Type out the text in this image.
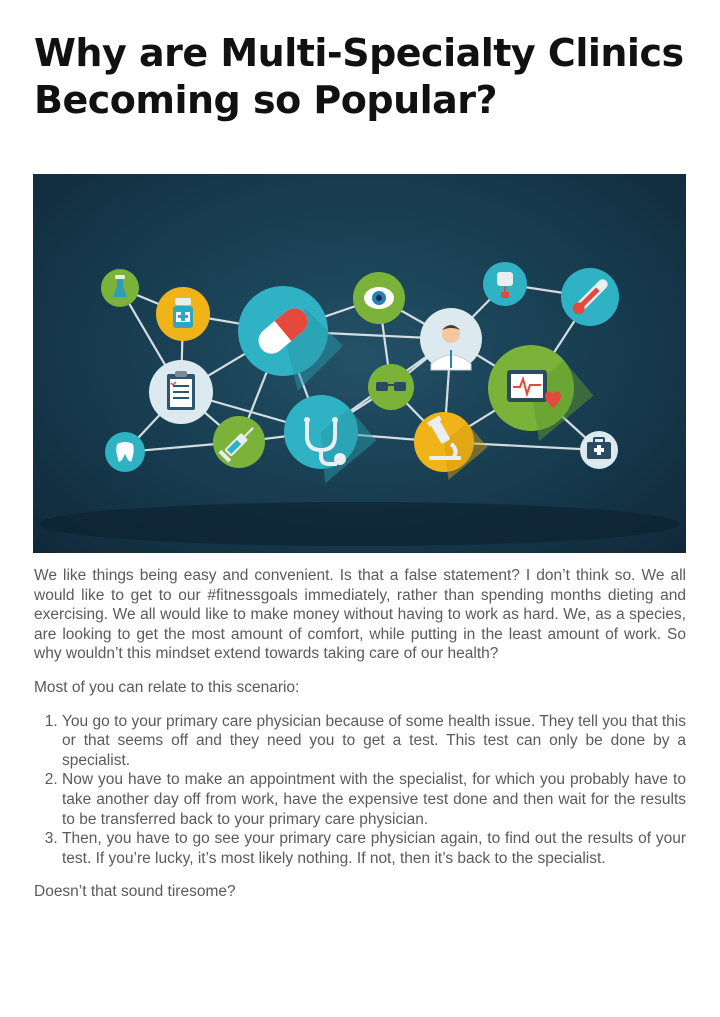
Why are Multi-Specialty Clinics Becoming so Popular?

We like things being easy and convenient. Is that a false statement? I don’t think so. We all would like to get to our #fitnessgoals immediately, rather than spending months dieting and exercising. We all would like to make money without having to work as hard. We, as a species, are looking to get the most amount of comfort, while putting in the least amount of work. So why wouldn’t this mindset extend towards taking care of our health?

Most of you can relate to this scenario:

1. You go to your primary care physician because of some health issue. They tell you that this or that seems off and they need you to get a test. This test can only be done by a specialist.
2. Now you have to make an appointment with the specialist, for which you probably have to take another day off from work, have the expensive test done and then wait for the results to be transferred back to your primary care physician.
3. Then, you have to go see your primary care physician again, to find out the results of your test. If you’re lucky, it’s most likely nothing. If not, then it’s back to the specialist.

Doesn’t that sound tiresome?
